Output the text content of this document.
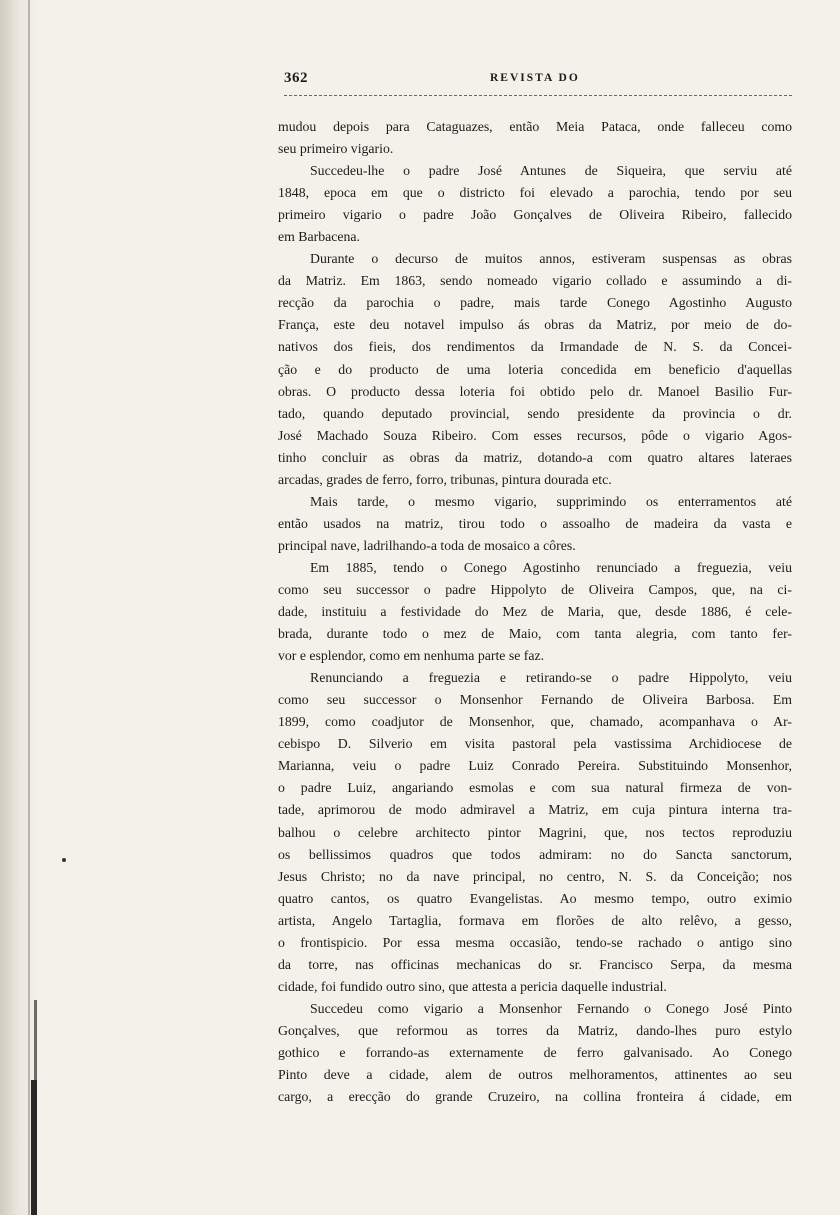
362	REVISTA DO
mudou depois para Cataguazes, então Meia Pataca, onde falleceu como
seu primeiro vigario.
Succedeu-lhe o padre José Antunes de Siqueira, que serviu até
1848, epoca em que o districto foi elevado a parochia, tendo por seu
primeiro vigario o padre João Gonçalves de Oliveira Ribeiro, fallecido
em Barbacena.
Durante o decurso de muitos annos, estiveram suspensas as obras
da Matriz. Em 1863, sendo nomeado vigario collado e assumindo a di-
recção da parochia o padre, mais tarde Conego Agostinho Augusto
França, este deu notavel impulso ás obras da Matriz, por meio de do-
nativos dos fieis, dos rendimentos da Irmandade de N. S. da Concei-
ção e do producto de uma loteria concedida em beneficio d'aquellas
obras. O producto dessa loteria foi obtido pelo dr. Manoel Basilio Fur-
tado, quando deputado provincial, sendo presidente da provincia o dr.
José Machado Souza Ribeiro. Com esses recursos, pôde o vigario Agos-
tinho concluir as obras da matriz, dotando-a com quatro altares lateraes
arcadas, grades de ferro, forro, tribunas, pintura dourada etc.
Mais tarde, o mesmo vigario, supprimindo os enterramentos até
então usados na matriz, tirou todo o assoalho de madeira da vasta e
principal nave, ladrilhando-a toda de mosaico a côres.
Em 1885, tendo o Conego Agostinho renunciado a freguezia, veiu
como seu successor o padre Hippolyto de Oliveira Campos, que, na ci-
dade, instituiu a festividade do Mez de Maria, que, desde 1886, é cele-
brada, durante todo o mez de Maio, com tanta alegria, com tanto fer-
vor e esplendor, como em nenhuma parte se faz.
Renunciando a freguezia e retirando-se o padre Hippolyto, veiu
como seu successor o Monsenhor Fernando de Oliveira Barbosa. Em
1899, como coadjutor de Monsenhor, que, chamado, acompanhava o Ar-
cebispo D. Silverio em visita pastoral pela vastissima Archidiocese de
Marianna, veiu o padre Luiz Conrado Pereira. Substituindo Monsenhor,
o padre Luiz, angariando esmolas e com sua natural firmeza de von-
tade, aprimorou de modo admiravel a Matriz, em cuja pintura interna tra-
balhou o celebre architecto pintor Magrini, que, nos tectos reproduziu
os bellissimos quadros que todos admiram: no do Sancta sanctorum,
Jesus Christo; no da nave principal, no centro, N. S. da Conceição; nos
quatro cantos, os quatro Evangelistas. Ao mesmo tempo, outro eximio
artista, Angelo Tartaglia, formava em florões de alto relêvo, a gesso,
o frontispicio. Por essa mesma occasião, tendo-se rachado o antigo sino
da torre, nas officinas mechanicas do sr. Francisco Serpa, da mesma
cidade, foi fundido outro sino, que attesta a pericia daquelle industrial.
Succedeu como vigario a Monsenhor Fernando o Conego José Pinto
Gonçalves, que reformou as torres da Matriz, dando-lhes puro estylo
gothico e forrando-as externamente de ferro galvanisado. Ao Conego
Pinto deve a cidade, alem de outros melhoramentos, attinentes ao seu
cargo, a erecção do grande Cruzeiro, na collina fronteira á cidade, em
